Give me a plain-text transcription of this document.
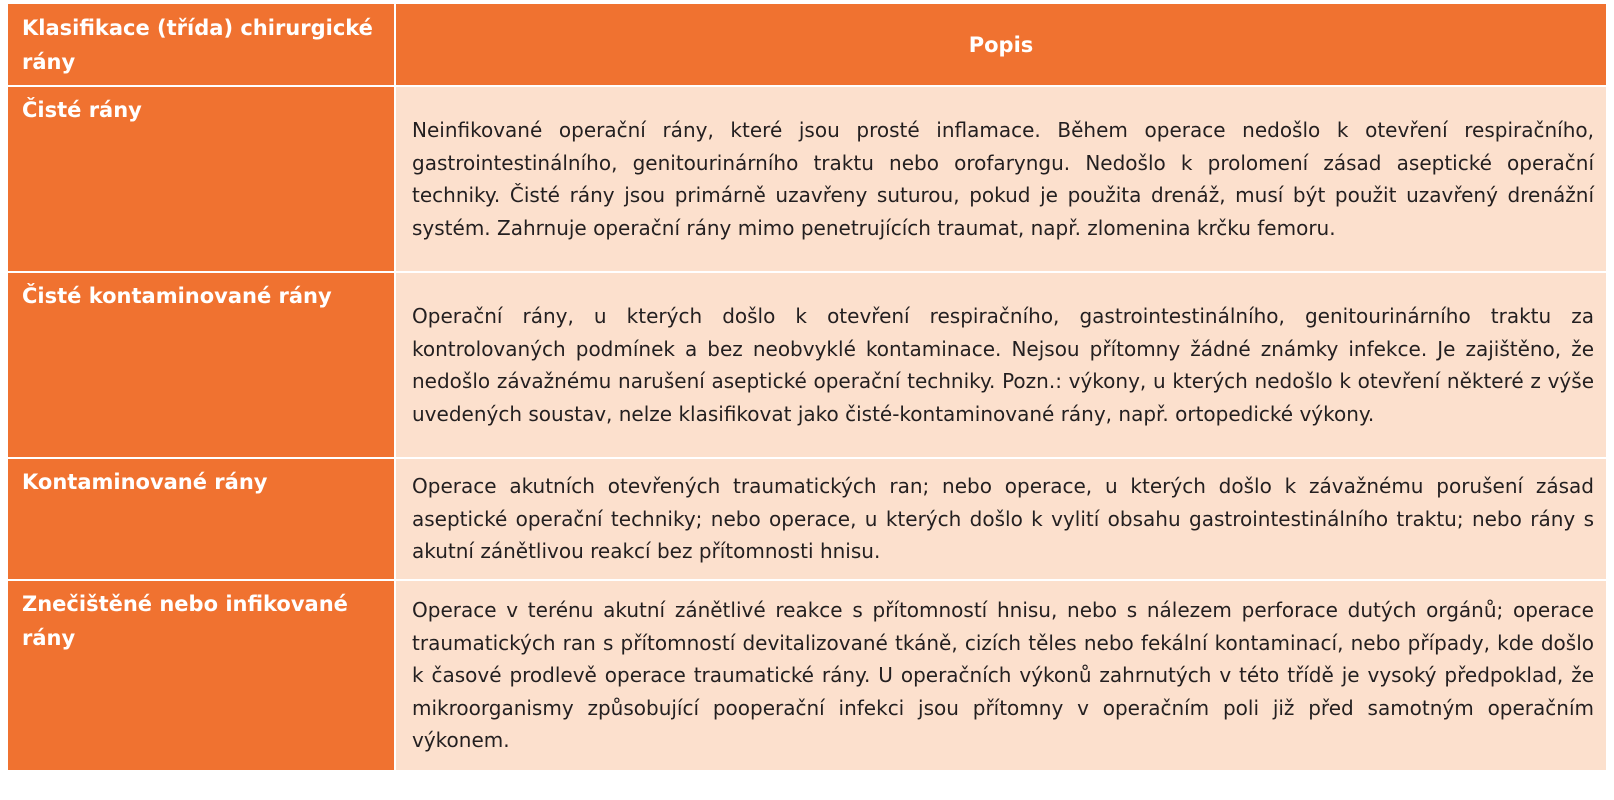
Klasifikace (třída) chirurgické rány	Popis
Čisté rány	Neinfikované operační rány, které jsou prosté inflamace. Během operace nedošlo k otevření respiračního, gastrointestinálního, genitourinárního traktu nebo orofaryngu. Nedošlo k prolomení zásad aseptické operační techniky. Čisté rány jsou primárně uzavřeny suturou, pokud je použita drenáž, musí být použit uzavřený drenážní systém. Zahrnuje operační rány mimo penetrujících traumat, např. zlomenina krčku femoru.
Čisté kontaminované rány	Operační rány, u kterých došlo k otevření respiračního, gastrointestinálního, genitourinárního traktu za kontrolovaných podmínek a bez neobvyklé kontaminace. Nejsou přítomny žádné známky infekce. Je zajištěno, že nedošlo závažnému narušení aseptické operační techniky. Pozn.: výkony, u kterých nedošlo k otevření některé z výše uvedených soustav, nelze klasifikovat jako čisté-kontaminované rány, např. ortopedické výkony.
Kontaminované rány	Operace akutních otevřených traumatických ran; nebo operace, u kterých došlo k závažnému porušení zásad aseptické operační techniky; nebo operace, u kterých došlo k vylití obsahu gastrointestinálního traktu; nebo rány s akutní zánětlivou reakcí bez přítomnosti hnisu.
Znečištěné nebo infikované rány	Operace v terénu akutní zánětlivé reakce s přítomností hnisu, nebo s nálezem perforace dutých orgánů; operace traumatických ran s přítomností devitalizované tkáně, cizích těles nebo fekální kontaminací, nebo případy, kde došlo k časové prodlevě operace traumatické rány. U operačních výkonů zahrnutých v této třídě je vysoký předpoklad, že mikroorganismy způsobující pooperační infekci jsou přítomny v operačním poli již před samotným operačním výkonem.
